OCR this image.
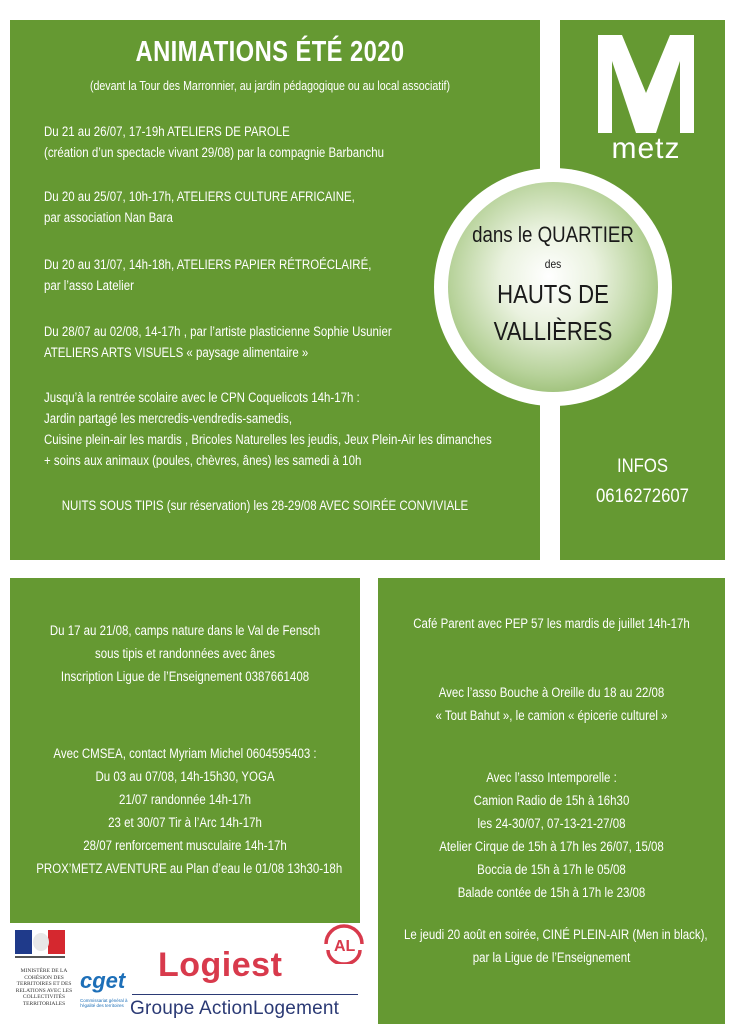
ANIMATIONS ÉTÉ 2020
(devant la Tour des Marronnier, au jardin pédagogique ou au local associatif)
Du 21 au 26/07, 17-19h ATELIERS DE PAROLE
(création d’un spectacle vivant 29/08) par la compagnie Barbanchu
Du 20 au 25/07, 10h-17h, ATELIERS CULTURE AFRICAINE,
par association Nan Bara
Du 20 au 31/07, 14h-18h, ATELIERS PAPIER RÉTROÉCLAIRÉ,
par l’asso Latelier
Du 28/07 au 02/08, 14-17h , par l’artiste plasticienne Sophie Usunier
ATELIERS ARTS VISUELS « paysage alimentaire »
Jusqu’à la rentrée scolaire avec le CPN Coquelicots 14h-17h :
Jardin partagé les mercredis-vendredis-samedis,
Cuisine plein-air les mardis , Bricoles Naturelles les jeudis, Jeux Plein-Air les dimanches
+ soins aux animaux (poules, chèvres, ânes) les samedi à 10h
NUITS SOUS TIPIS (sur réservation) les 28-29/08 AVEC SOIRÉE CONVIVIALE
metz
dans le QUARTIER
des
HAUTS DE
VALLIÈRES
INFOS
0616272607
Du 17 au 21/08, camps nature dans le Val de Fensch
sous tipis et randonnées avec ânes
Inscription Ligue de l’Enseignement 0387661408
Avec CMSEA, contact Myriam Michel 0604595403 :
Du 03 au 07/08, 14h-15h30, YOGA
21/07 randonnée 14h-17h
23 et 30/07 Tir à l’Arc 14h-17h
28/07 renforcement musculaire 14h-17h
PROX’METZ AVENTURE au Plan d’eau le 01/08 13h30-18h
Café Parent avec PEP 57 les mardis de juillet 14h-17h
Avec l’asso Bouche à Oreille du 18 au 22/08
« Tout Bahut », le camion « épicerie culturel »
Avec l’asso Intemporelle :
Camion Radio de 15h à 16h30
les 24-30/07, 07-13-21-27/08
Atelier Cirque de 15h à 17h les 26/07, 15/08
Boccia de 15h à 17h le 05/08
Balade contée de 15h à 17h le 23/08
Le jeudi 20 août en soirée, CINÉ PLEIN-AIR (Men in black),
par la Ligue de l’Enseignement
MINISTÈRE DE LA COHÉSION DES TERRITOIRES ET DES RELATIONS AVEC LES COLLECTIVITÉS TERRITORIALES
cget
Commissariat général à l’égalité des territoires
Logiest	AL
Groupe ActionLogement
